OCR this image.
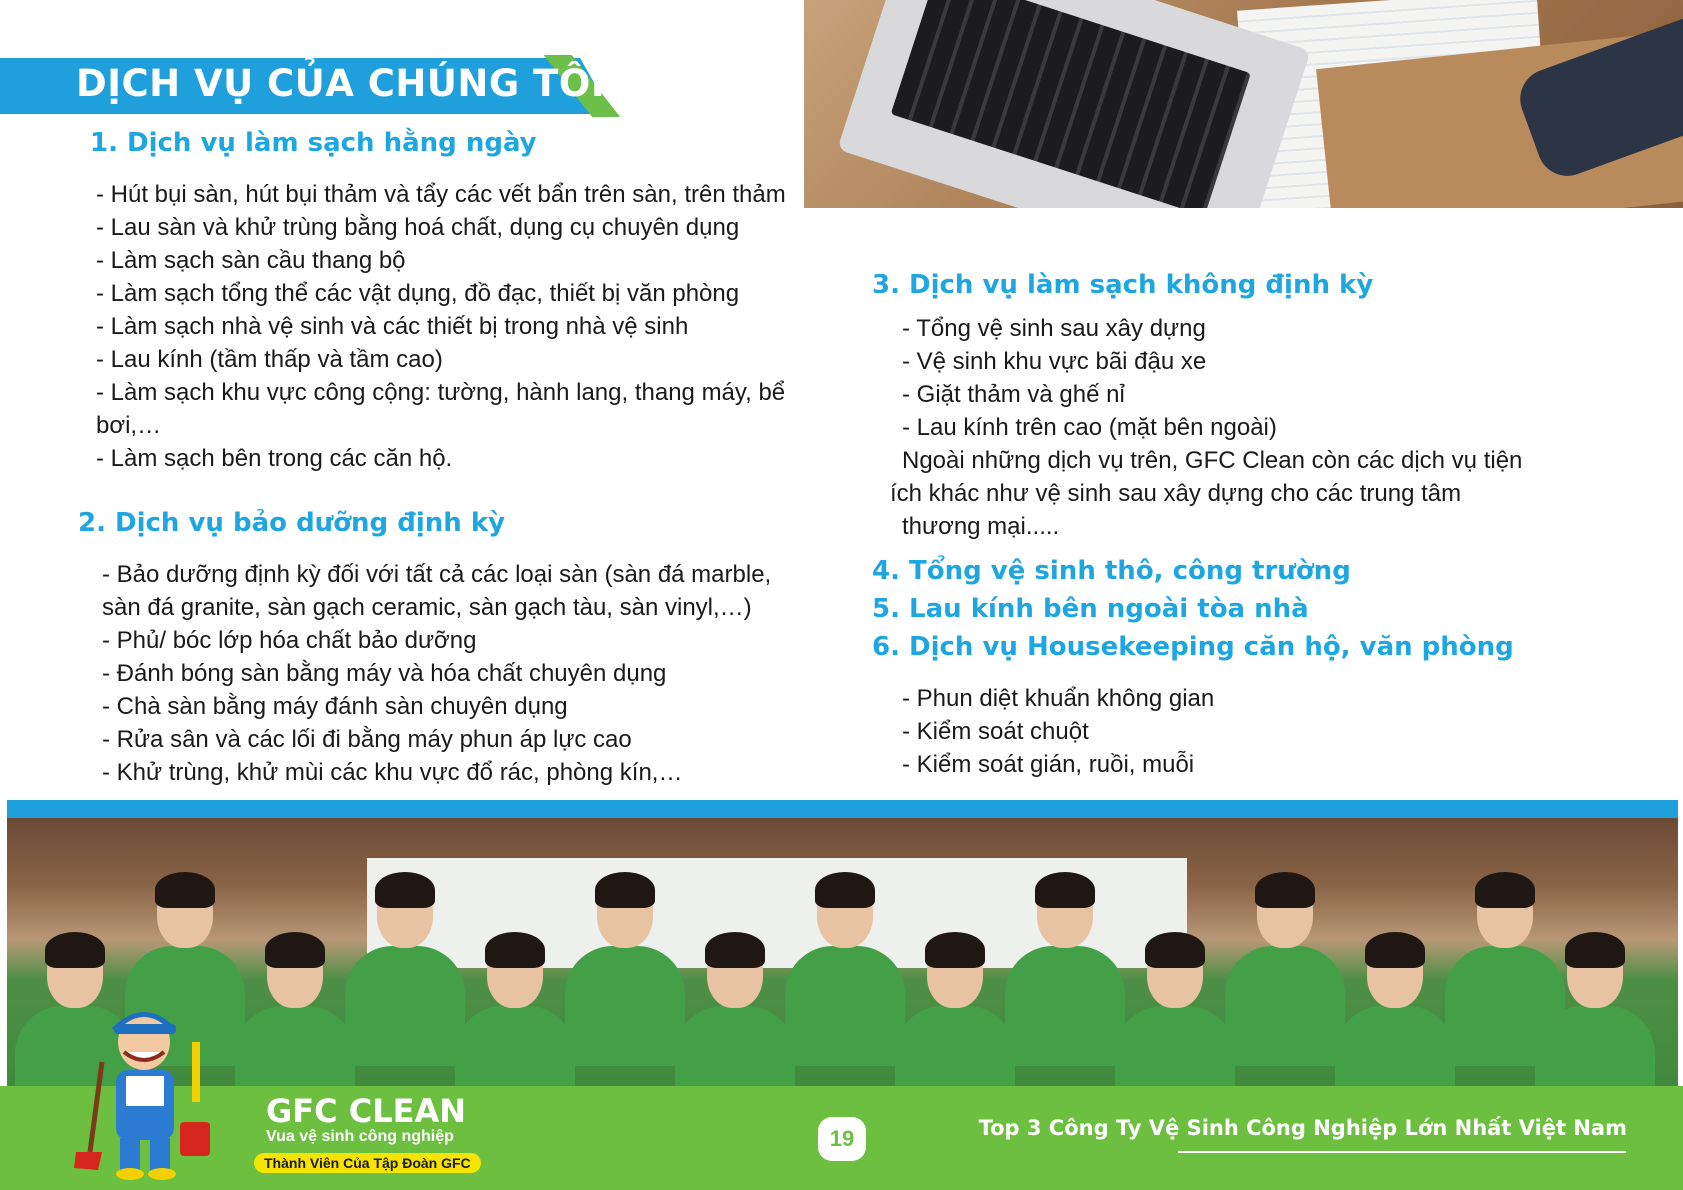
DỊCH VỤ CỦA CHÚNG TÔI
1. Dịch vụ làm sạch hằng ngày
- Hút bụi sàn, hút bụi thảm và tẩy các vết bẩn trên sàn, trên thảm
- Lau sàn và khử trùng bằng hoá chất, dụng cụ chuyên dụng
- Làm sạch sàn cầu thang bộ
- Làm sạch tổng thể các vật dụng, đồ đạc, thiết bị văn phòng
- Làm sạch nhà vệ sinh và các thiết bị trong nhà vệ sinh
- Lau kính (tầm thấp và tầm cao)
- Làm sạch khu vực công cộng: tường, hành lang, thang máy, bể
bơi,…
- Làm sạch bên trong các căn hộ.
2. Dịch vụ bảo dưỡng định kỳ
- Bảo dưỡng định kỳ đối với tất cả các loại sàn (sàn đá marble,
sàn đá granite, sàn gạch ceramic, sàn gạch tàu, sàn vinyl,…)
- Phủ/ bóc lớp hóa chất bảo dưỡng
- Đánh bóng sàn bằng máy và hóa chất chuyên dụng
- Chà sàn bằng máy đánh sàn chuyên dụng
- Rửa sân và các lối đi bằng máy phun áp lực cao
- Khử trùng, khử mùi các khu vực đổ rác, phòng kín,…
3. Dịch vụ làm sạch không định kỳ
- Tổng vệ sinh sau xây dựng
- Vệ sinh khu vực bãi đậu xe
- Giặt thảm và ghế nỉ
- Lau kính trên cao (mặt bên ngoài)

Ngoài những dịch vụ trên, GFC Clean còn các dịch vụ tiện

ích khác như vệ sinh sau xây dựng cho các trung tâm

thương mại.....

4. Tổng vệ sinh thô, công trường
5. Lau kính bên ngoài tòa nhà
6. Dịch vụ Housekeeping căn hộ, văn phòng
- Phun diệt khuẩn không gian
- Kiểm soát chuột
- Kiểm soát gián, ruồi, muỗi
GFC CLEAN
Vua vệ sinh công nghiệp
Thành Viên Của Tập Đoàn GFC
19	Top 3 Công Ty Vệ Sinh Công Nghiệp Lớn Nhất Việt Nam
